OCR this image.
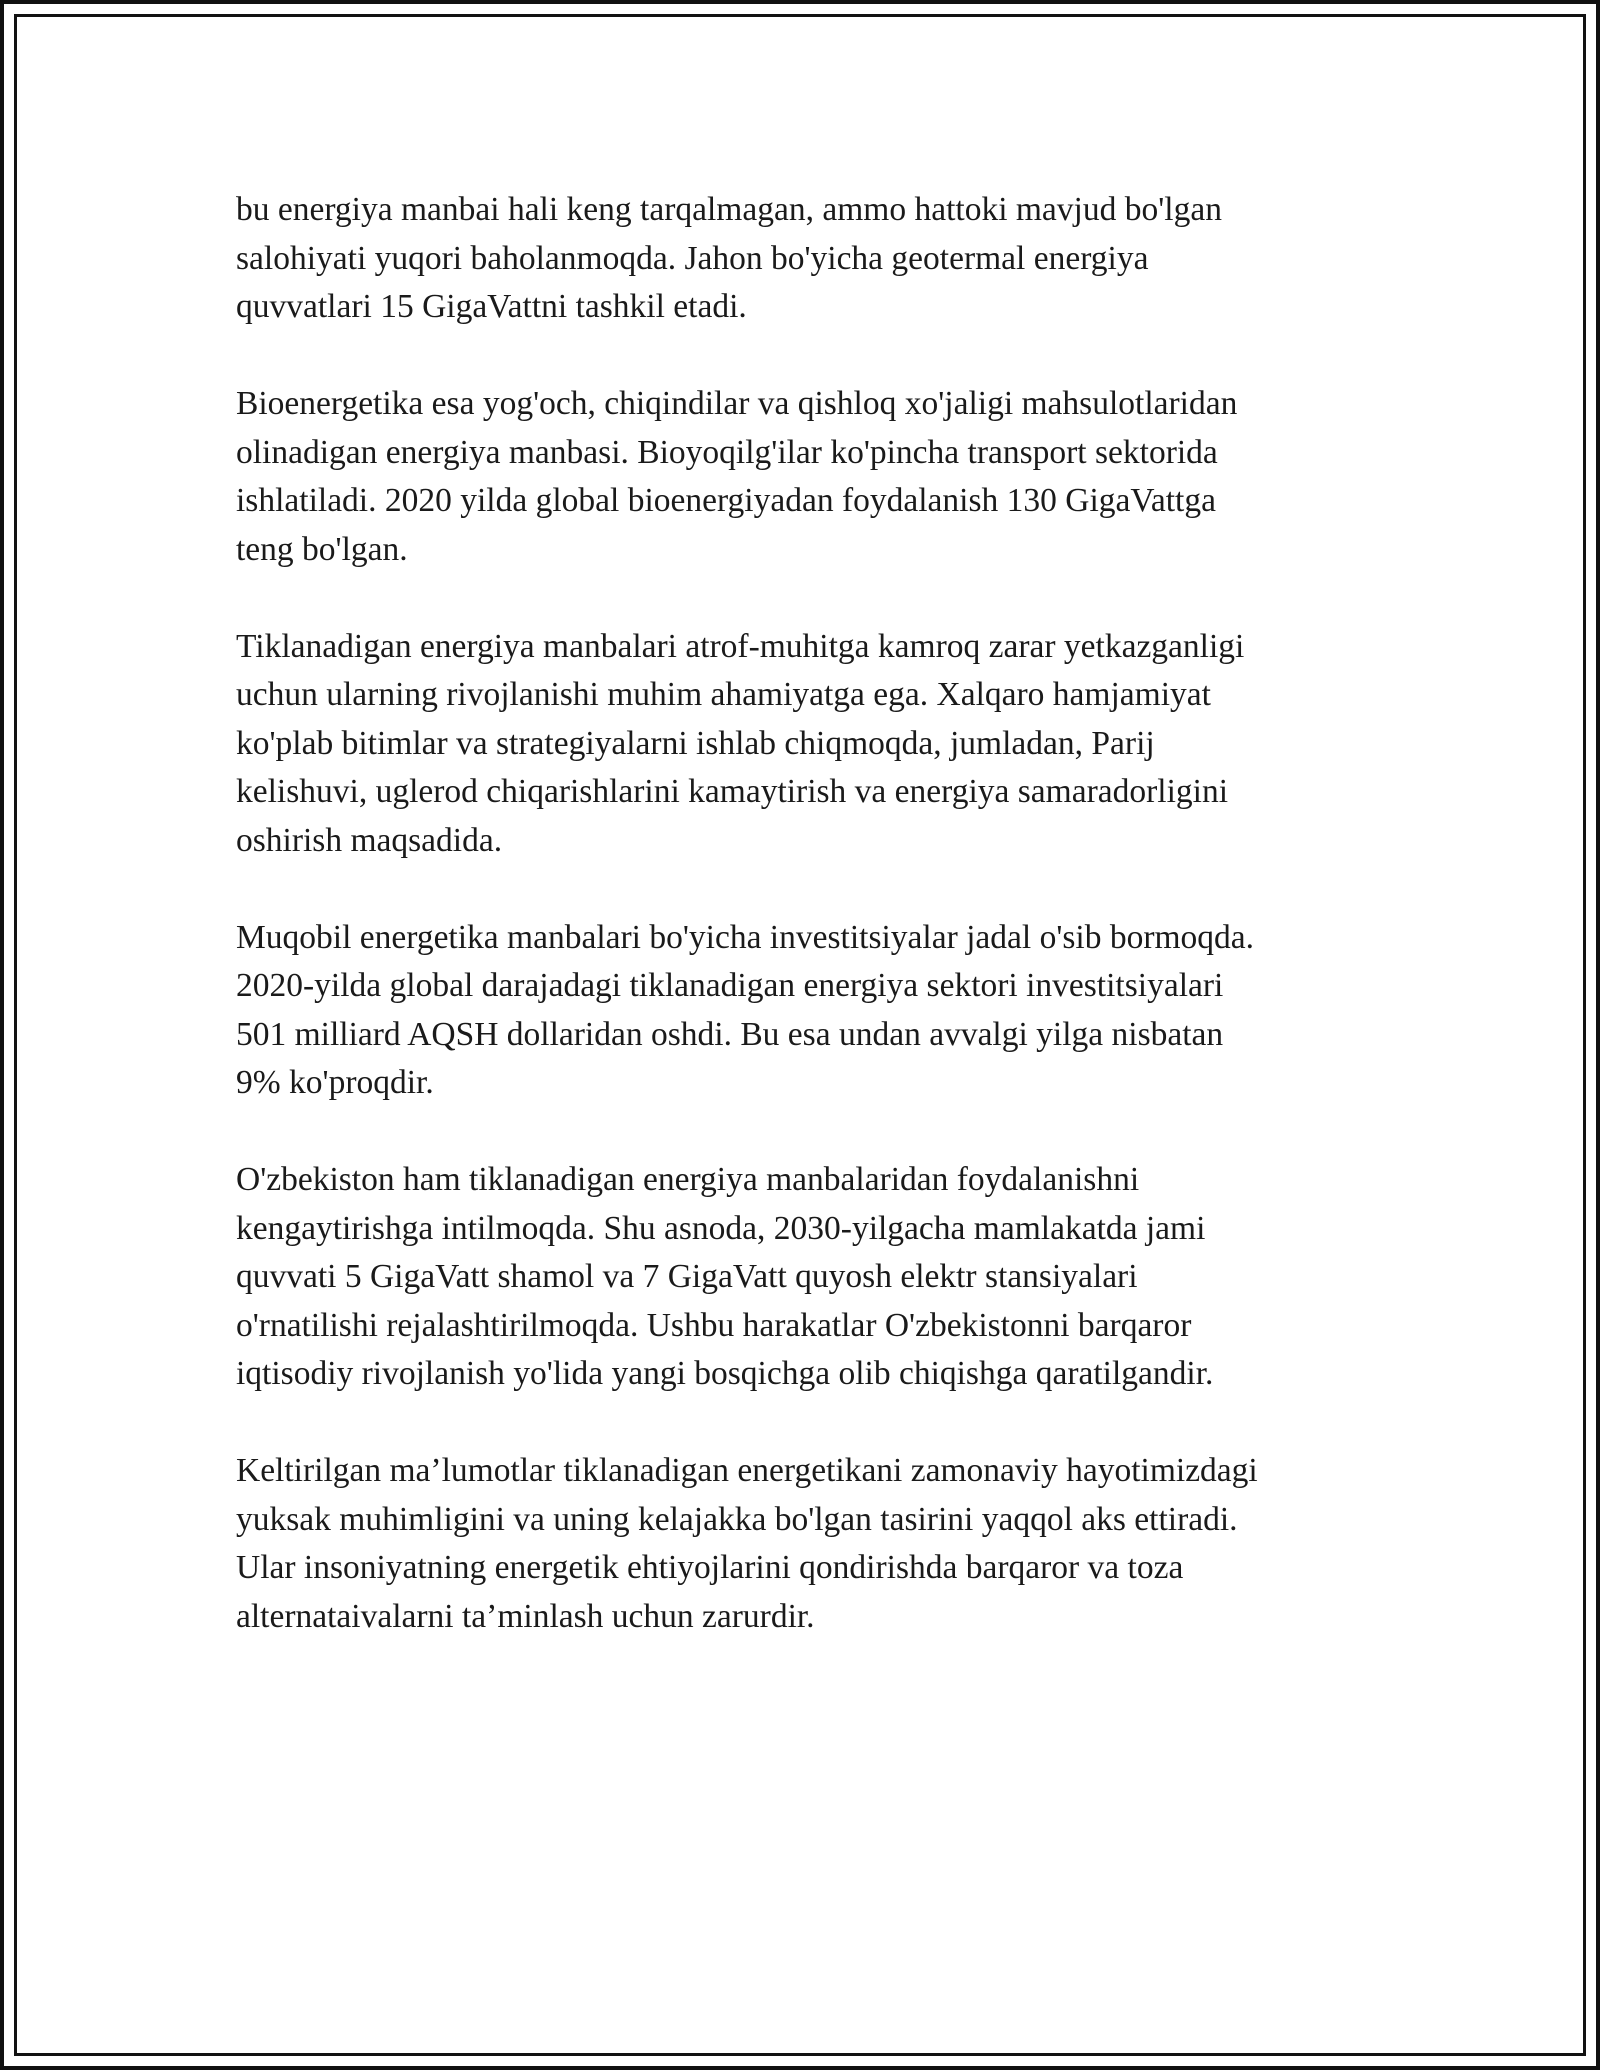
bu energiya manbai hali keng tarqalmagan, ammo hattoki mavjud bo'lgan
salohiyati yuqori baholanmoqda. Jahon bo'yicha geotermal energiya
quvvatlari 15 GigaVattni tashkil etadi.

Bioenergetika esa yog'och, chiqindilar va qishloq xo'jaligi mahsulotlaridan
olinadigan energiya manbasi. Bioyoqilg'ilar ko'pincha transport sektorida
ishlatiladi. 2020 yilda global bioenergiyadan foydalanish 130 GigaVattga
teng bo'lgan.

Tiklanadigan energiya manbalari atrof-muhitga kamroq zarar yetkazganligi
uchun ularning rivojlanishi muhim ahamiyatga ega. Xalqaro hamjamiyat
ko'plab bitimlar va strategiyalarni ishlab chiqmoqda, jumladan, Parij
kelishuvi, uglerod chiqarishlarini kamaytirish va energiya samaradorligini
oshirish maqsadida.

Muqobil energetika manbalari bo'yicha investitsiyalar jadal o'sib bormoqda.
2020-yilda global darajadagi tiklanadigan energiya sektori investitsiyalari
501 milliard AQSH dollaridan oshdi. Bu esa undan avvalgi yilga nisbatan
9% ko'proqdir.

O'zbekiston ham tiklanadigan energiya manbalaridan foydalanishni
kengaytirishga intilmoqda. Shu asnoda, 2030-yilgacha mamlakatda jami
quvvati 5 GigaVatt shamol va 7 GigaVatt quyosh elektr stansiyalari
o'rnatilishi rejalashtirilmoqda. Ushbu harakatlar O'zbekistonni barqaror
iqtisodiy rivojlanish yo'lida yangi bosqichga olib chiqishga qaratilgandir.

Keltirilgan ma’lumotlar tiklanadigan energetikani zamonaviy hayotimizdagi
yuksak muhimligini va uning kelajakka bo'lgan tasirini yaqqol aks ettiradi.
Ular insoniyatning energetik ehtiyojlarini qondirishda barqaror va toza
alternataivalarni ta’minlash uchun zarurdir.
